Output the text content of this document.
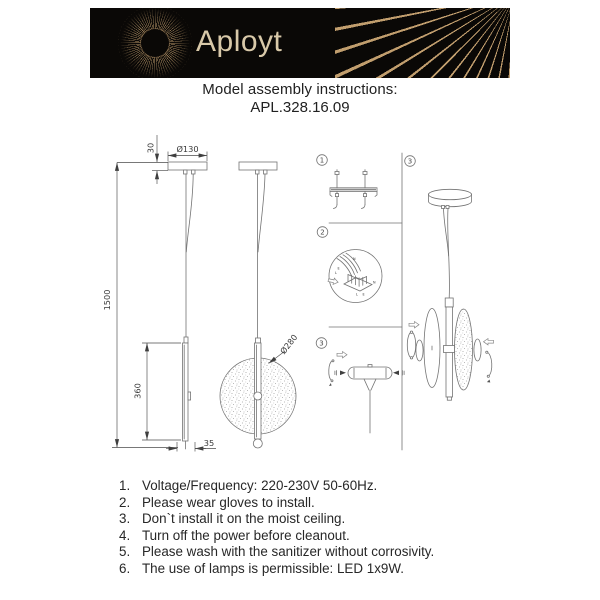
Aployt
Model assembly instructions:
APL.328.16.09
Ø130
30
1500
360
35
Ø280
1
2
3
3
N
E
L
N
L E
1. Voltage/Frequency: 220-230V 50-60Hz.
2. Please wear gloves to install.
3. Don`t install it on the moist ceiling.
4. Turn off the power before cleanout.
5. Please wash with the sanitizer without corrosivity.
6. The use of lamps is permissible: LED 1x9W.
